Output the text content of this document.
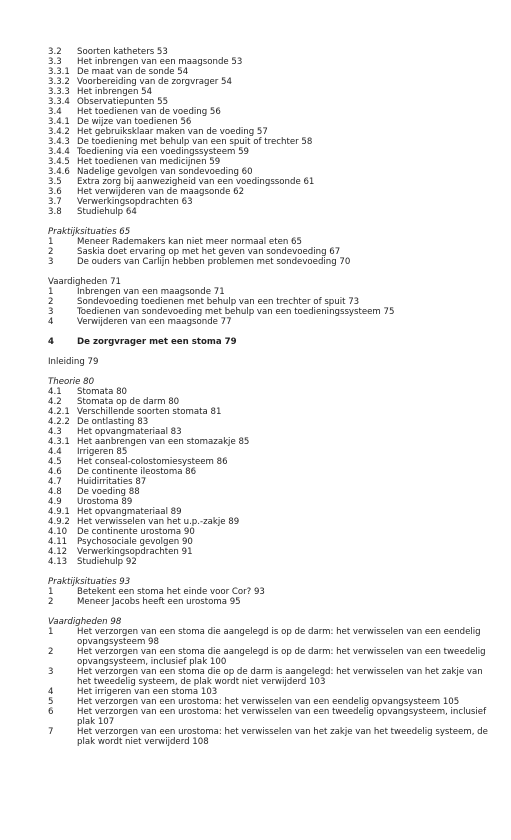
3.2	Soorten katheters 53
3.3	Het inbrengen van een maagsonde 53
3.3.1 De maat van de sonde 54
3.3.2 Voorbereiding van de zorgvrager 54
3.3.3 Het inbrengen 54
3.3.4 Observatiepunten 55
3.4	Het toedienen van de voeding 56
3.4.1 De wijze van toedienen 56
3.4.2 Het gebruiksklaar maken van de voeding 57
3.4.3 De toediening met behulp van een spuit of trechter 58
3.4.4 Toediening via een voedingssysteem 59
3.4.5 Het toedienen van medicijnen 59
3.4.6 Nadelige gevolgen van sondevoeding 60
3.5	Extra zorg bij aanwezigheid van een voedingssonde 61
3.6	Het verwijderen van de maagsonde 62
3.7	Verwerkingsopdrachten 63
3.8	Studiehulp 64
Praktijksituaties 65
1	Meneer Rademakers kan niet meer normaal eten 65
2	Saskia doet ervaring op met het geven van sondevoeding 67
3	De ouders van Carlijn hebben problemen met sondevoeding 70
Vaardigheden 71
1	Inbrengen van een maagsonde 71
2	Sondevoeding toedienen met behulp van een trechter of spuit 73
3	Toedienen van sondevoeding met behulp van een toedieningssysteem 75
4	Verwijderen van een maagsonde 77
4	De zorgvrager met een stoma 79
Inleiding 79
Theorie 80
4.1	Stomata 80
4.2	Stomata op de darm 80
4.2.1 Verschillende soorten stomata 81
4.2.2 De ontlasting 83
4.3	Het opvangmateriaal 83
4.3.1 Het aanbrengen van een stomazakje 85
4.4	Irrigeren 85
4.5	Het conseal-colostomiesysteem 86
4.6	De continente ileostoma 86
4.7	Huidirritaties 87
4.8	De voeding 88
4.9	Urostoma 89
4.9.1 Het opvangmateriaal 89
4.9.2 Het verwisselen van het u.p.-zakje 89
4.10	De continente urostoma 90
4.11	Psychosociale gevolgen 90
4.12	Verwerkingsopdrachten 91
4.13	Studiehulp 92
Praktijksituaties 93
1	Betekent een stoma het einde voor Cor? 93
2	Meneer Jacobs heeft een urostoma 95
Vaardigheden 98
1	Het verzorgen van een stoma die aangelegd is op de darm: het verwisselen van een eendelig opvangsysteem 98
2	Het verzorgen van een stoma die aangelegd is op de darm: het verwisselen van een tweedelig opvangsysteem, inclusief plak 100
3	Het verzorgen van een stoma die op de darm is aangelegd: het verwisselen van het zakje van het tweedelig systeem, de plak wordt niet verwijderd 103
4	Het irrigeren van een stoma 103
5	Het verzorgen van een urostoma: het verwisselen van een eendelig opvangsysteem 105
6	Het verzorgen van een urostoma: het verwisselen van een tweedelig opvangsysteem, inclusief plak 107
7	Het verzorgen van een urostoma: het verwisselen van het zakje van het tweedelig systeem, de plak wordt niet verwijderd 108
